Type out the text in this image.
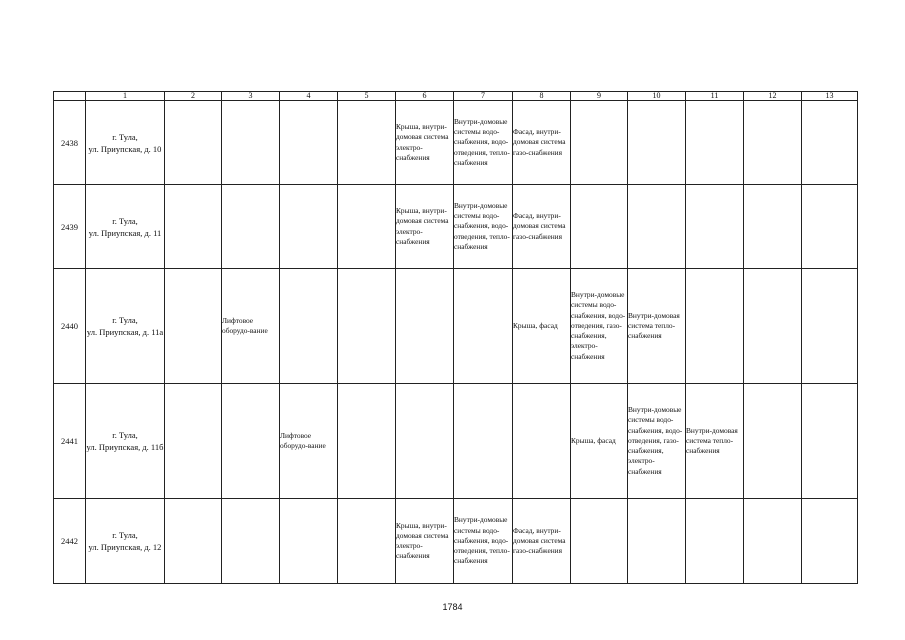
	1	2	3	4	5	6	7	8	9	10	11	12	13
2438	г. Тула,
ул. Приупская, д. 10					Крыша, внутри-домовая система электро-снабжения	Внутри-домовые системы водо-снабжения, водо-отведения, тепло-снабжения	Фасад, внутри-домовая система газо-снабжения					

2439	г. Тула,
ул. Приупская, д. 11					Крыша, внутри-домовая система электро-снабжения	Внутри-домовые системы водо-снабжения, водо-отведения, тепло-снабжения	Фасад, внутри-домовая система газо-снабжения					

2440	г. Тула,
ул. Приупская, д. 11а		Лифтовое оборудо-вание					Крыша, фасад	Внутри-домовые системы водо-снабжения, водо-отведения, газо-снабжения, электро-снабжения	Внутри-домовая система тепло-снабжения			

2441	г. Тула,
ул. Приупская, д. 11б			Лифтовое оборудо-вание					Крыша, фасад	Внутри-домовые системы водо-снабжения, водо-отведения, газо-снабжения, электро-снабжения	Внутри-домовая система тепло-снабжения		

2442	г. Тула,
ул. Приупская, д. 12					Крыша, внутри-домовая система электро-снабжения	Внутри-домовые системы водо-снабжения, водо-отведения, тепло-снабжения	Фасад, внутри-домовая система газо-снабжения					

1784
